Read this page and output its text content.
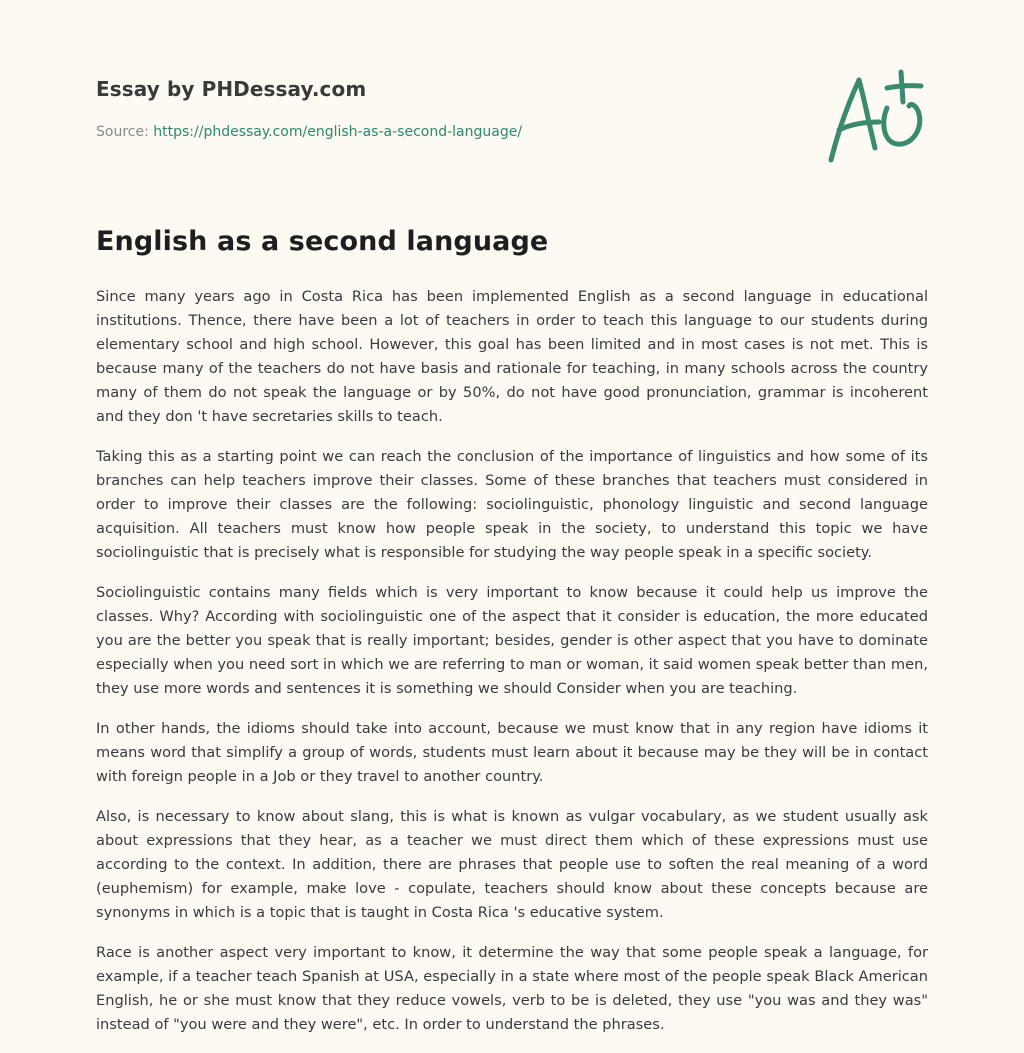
Essay by PHDessay.com
Source: https://phdessay.com/english-as-a-second-language/
English as a second language

Since many years ago in Costa Rica has been implemented English as a second language in educational institutions. Thence, there have been a lot of teachers in order to teach this language to our students during elementary school and high school. However, this goal has been limited and in most cases is not met. This is because many of the teachers do not have basis and rationale for teaching, in many schools across the country many of them do not speak the language or by 50%, do not have good pronunciation, grammar is incoherent and they don 't have secretaries skills to teach.

Taking this as a starting point we can reach the conclusion of the importance of linguistics and how some of its branches can help teachers improve their classes. Some of these branches that teachers must considered in order to improve their classes are the following: sociolinguistic, phonology linguistic and second language acquisition. All teachers must know how people speak in the society, to understand this topic we have sociolinguistic that is precisely what is responsible for studying the way people speak in a specific society.

Sociolinguistic contains many fields which is very important to know because it could help us improve the classes. Why? According with sociolinguistic one of the aspect that it consider is education, the more educated you are the better you speak that is really important; besides, gender is other aspect that you have to dominate especially when you need sort in which we are referring to man or woman, it said women speak better than men, they use more words and sentences it is something we should Consider when you are teaching.

In other hands, the idioms should take into account, because we must know that in any region have idioms it means word that simplify a group of words, students must learn about it because may be they will be in contact with foreign people in a Job or they travel to another country.

Also, is necessary to know about slang, this is what is known as vulgar vocabulary, as we student usually ask about expressions that they hear, as a teacher we must direct them which of these expressions must use according to the context. In addition, there are phrases that people use to soften the real meaning of a word (euphemism) for example, make love - copulate, teachers should know about these concepts because are synonyms in which is a topic that is taught in Costa Rica 's educative system.

Race is another aspect very important to know, it determine the way that some people speak a language, for example, if a teacher teach Spanish at USA, especially in a state where most of the people speak Black American English, he or she must know that they reduce vowels, verb to be is deleted, they use "you was and they was" instead of "you were and they were", etc. In order to understand the phrases.
